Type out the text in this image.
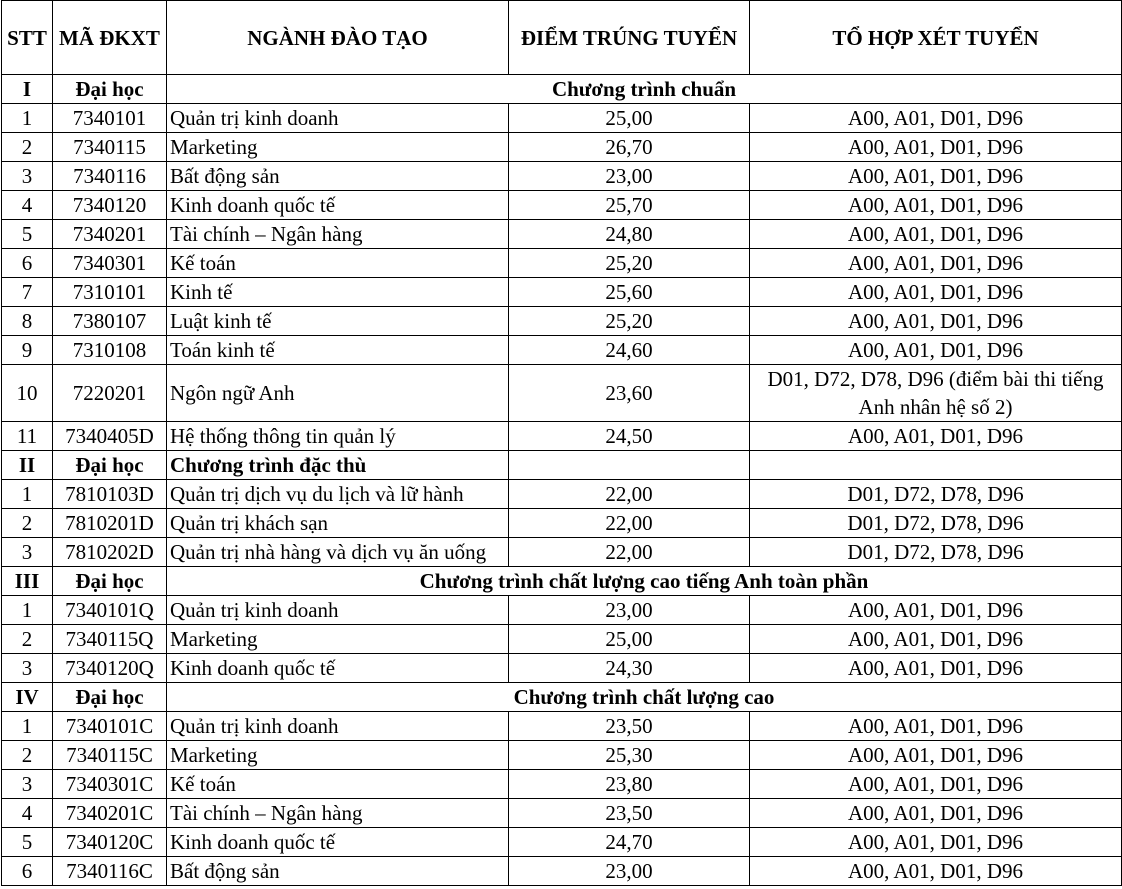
STT	MÃ ĐKXT	NGÀNH ĐÀO TẠO	ĐIỂM TRÚNG TUYỂN	TỔ HỢP XÉT TUYỂN
I	Đại học	Chương trình chuẩn		
1	7340101	Quản trị kinh doanh	25,00	A00, A01, D01, D96
2	7340115	Marketing	26,70	A00, A01, D01, D96
3	7340116	Bất động sản	23,00	A00, A01, D01, D96
4	7340120	Kinh doanh quốc tế	25,70	A00, A01, D01, D96
5	7340201	Tài chính – Ngân hàng	24,80	A00, A01, D01, D96
6	7340301	Kế toán	25,20	A00, A01, D01, D96
7	7310101	Kinh tế	25,60	A00, A01, D01, D96
8	7380107	Luật kinh tế	25,20	A00, A01, D01, D96
9	7310108	Toán kinh tế	24,60	A00, A01, D01, D96
10	7220201	Ngôn ngữ Anh	23,60	D01, D72, D78, D96 (điểm bài thi tiếng Anh nhân hệ số 2)
11	7340405D	Hệ thống thông tin quản lý	24,50	A00, A01, D01, D96
II	Đại học	Chương trình đặc thù		
1	7810103D	Quản trị dịch vụ du lịch và lữ hành	22,00	D01, D72, D78, D96
2	7810201D	Quản trị khách sạn	22,00	D01, D72, D78, D96
3	7810202D	Quản trị nhà hàng và dịch vụ ăn uống	22,00	D01, D72, D78, D96
III	Đại học	Chương trình chất lượng cao tiếng Anh toàn phần		
1	7340101Q	Quản trị kinh doanh	23,00	A00, A01, D01, D96
2	7340115Q	Marketing	25,00	A00, A01, D01, D96
3	7340120Q	Kinh doanh quốc tế	24,30	A00, A01, D01, D96
IV	Đại học	Chương trình chất lượng cao		
1	7340101C	Quản trị kinh doanh	23,50	A00, A01, D01, D96
2	7340115C	Marketing	25,30	A00, A01, D01, D96
3	7340301C	Kế toán	23,80	A00, A01, D01, D96
4	7340201C	Tài chính – Ngân hàng	23,50	A00, A01, D01, D96
5	7340120C	Kinh doanh quốc tế	24,70	A00, A01, D01, D96
6	7340116C	Bất động sản	23,00	A00, A01, D01, D96
